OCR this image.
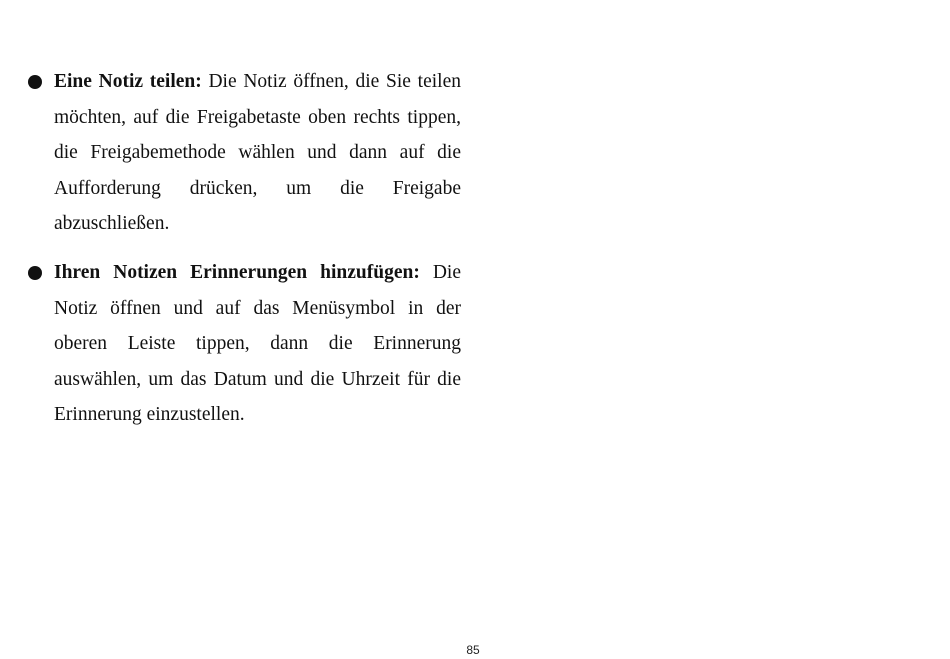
Eine Notiz teilen: Die Notiz öffnen, die Sie teilen möchten, auf die Freigabetaste oben rechts tippen, die Freigabemethode wählen und dann auf die Aufforderung drücken, um die Freigabe abzuschließen.
Ihren Notizen Erinnerungen hinzufügen: Die Notiz öffnen und auf das Menüsymbol in der oberen Leiste tippen, dann die Erinnerung auswählen, um das Datum und die Uhrzeit für die Erinnerung einzustellen.
85
